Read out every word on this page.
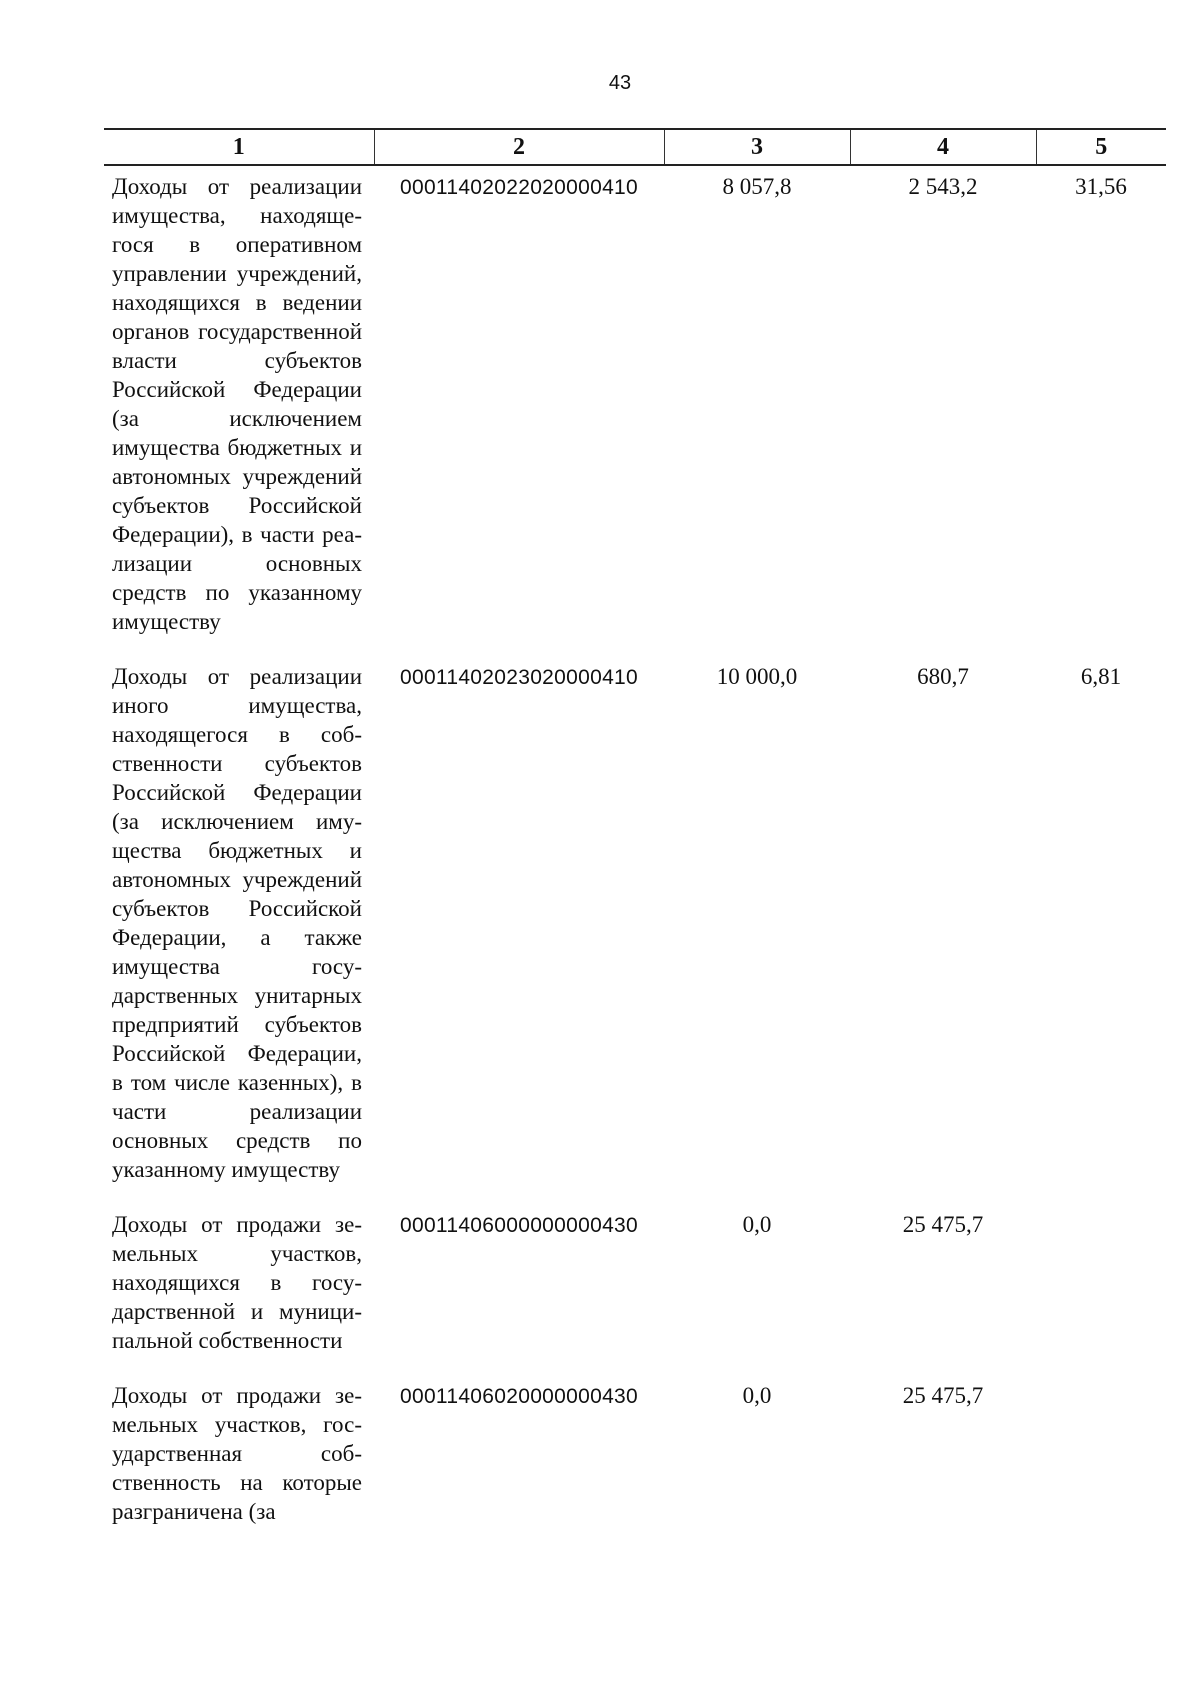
43
1	2	3	4	5
Доходы от реализации имущества, находящегося в оперативном управлении учреждений, находящихся в ведении органов государственной власти субъектов Российской Федерации (за исключением имущества бюджетных и автономных учреждений субъектов Российской Федерации), в части реализации основных средств по указанному имуществу	00011402022020000410	8 057,8	2 543,2	31,56
Доходы от реализации иного имущества, находящегося в собственности субъектов Российской Федерации (за исключением имущества бюджетных и автономных учреждений субъектов Российской Федерации, а также имущества государственных унитарных предприятий субъектов Российской Федерации, в том числе казенных), в части реализации основных средств по указанному имуществу	00011402023020000410	10 000,0	680,7	6,81
Доходы от продажи земельных участков, находящихся в государственной и муниципальной собственности	00011406000000000430	0,0	25 475,7	
Доходы от продажи земельных участков, государственная собственность на которые разграничена (за	00011406020000000430	0,0	25 475,7	
